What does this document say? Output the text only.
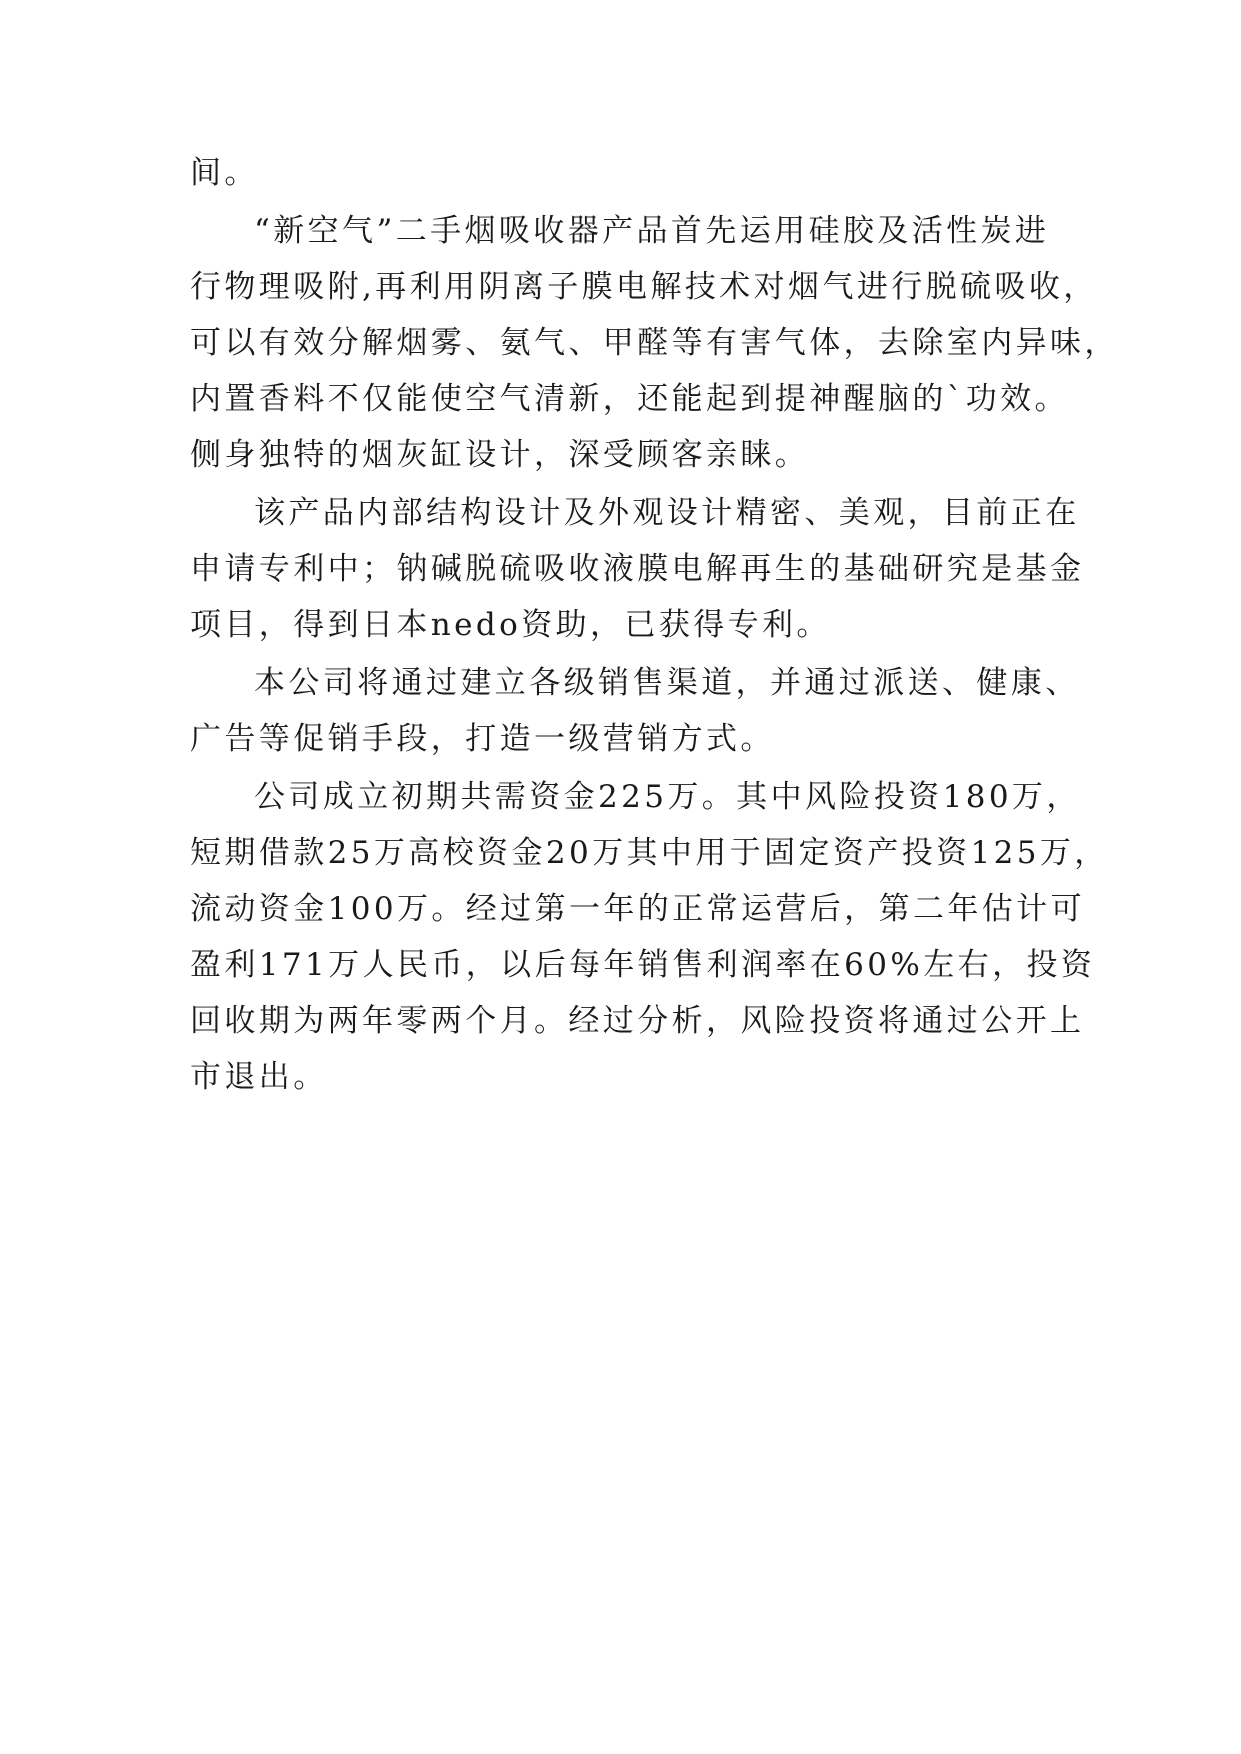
间。
“新空气”二手烟吸收器产品首先运用硅胶及活性炭进
行物理吸附,再利用阴离子膜电解技术对烟气进行脱硫吸收，
可以有效分解烟雾、氨气、甲醛等有害气体，去除室内异味，
内置香料不仅能使空气清新，还能起到提神醒脑的`功效。
侧身独特的烟灰缸设计，深受顾客亲睐。
该产品内部结构设计及外观设计精密、美观，目前正在
申请专利中；钠碱脱硫吸收液膜电解再生的基础研究是基金
项目，得到日本nedo资助，已获得专利。
本公司将通过建立各级销售渠道，并通过派送、健康、
广告等促销手段，打造一级营销方式。
公司成立初期共需资金225万。其中风险投资180万，
短期借款25万高校资金20万其中用于固定资产投资125万，
流动资金100万。经过第一年的正常运营后，第二年估计可
盈利171万人民币，以后每年销售利润率在60%左右，投资
回收期为两年零两个月。经过分析，风险投资将通过公开上
市退出。
